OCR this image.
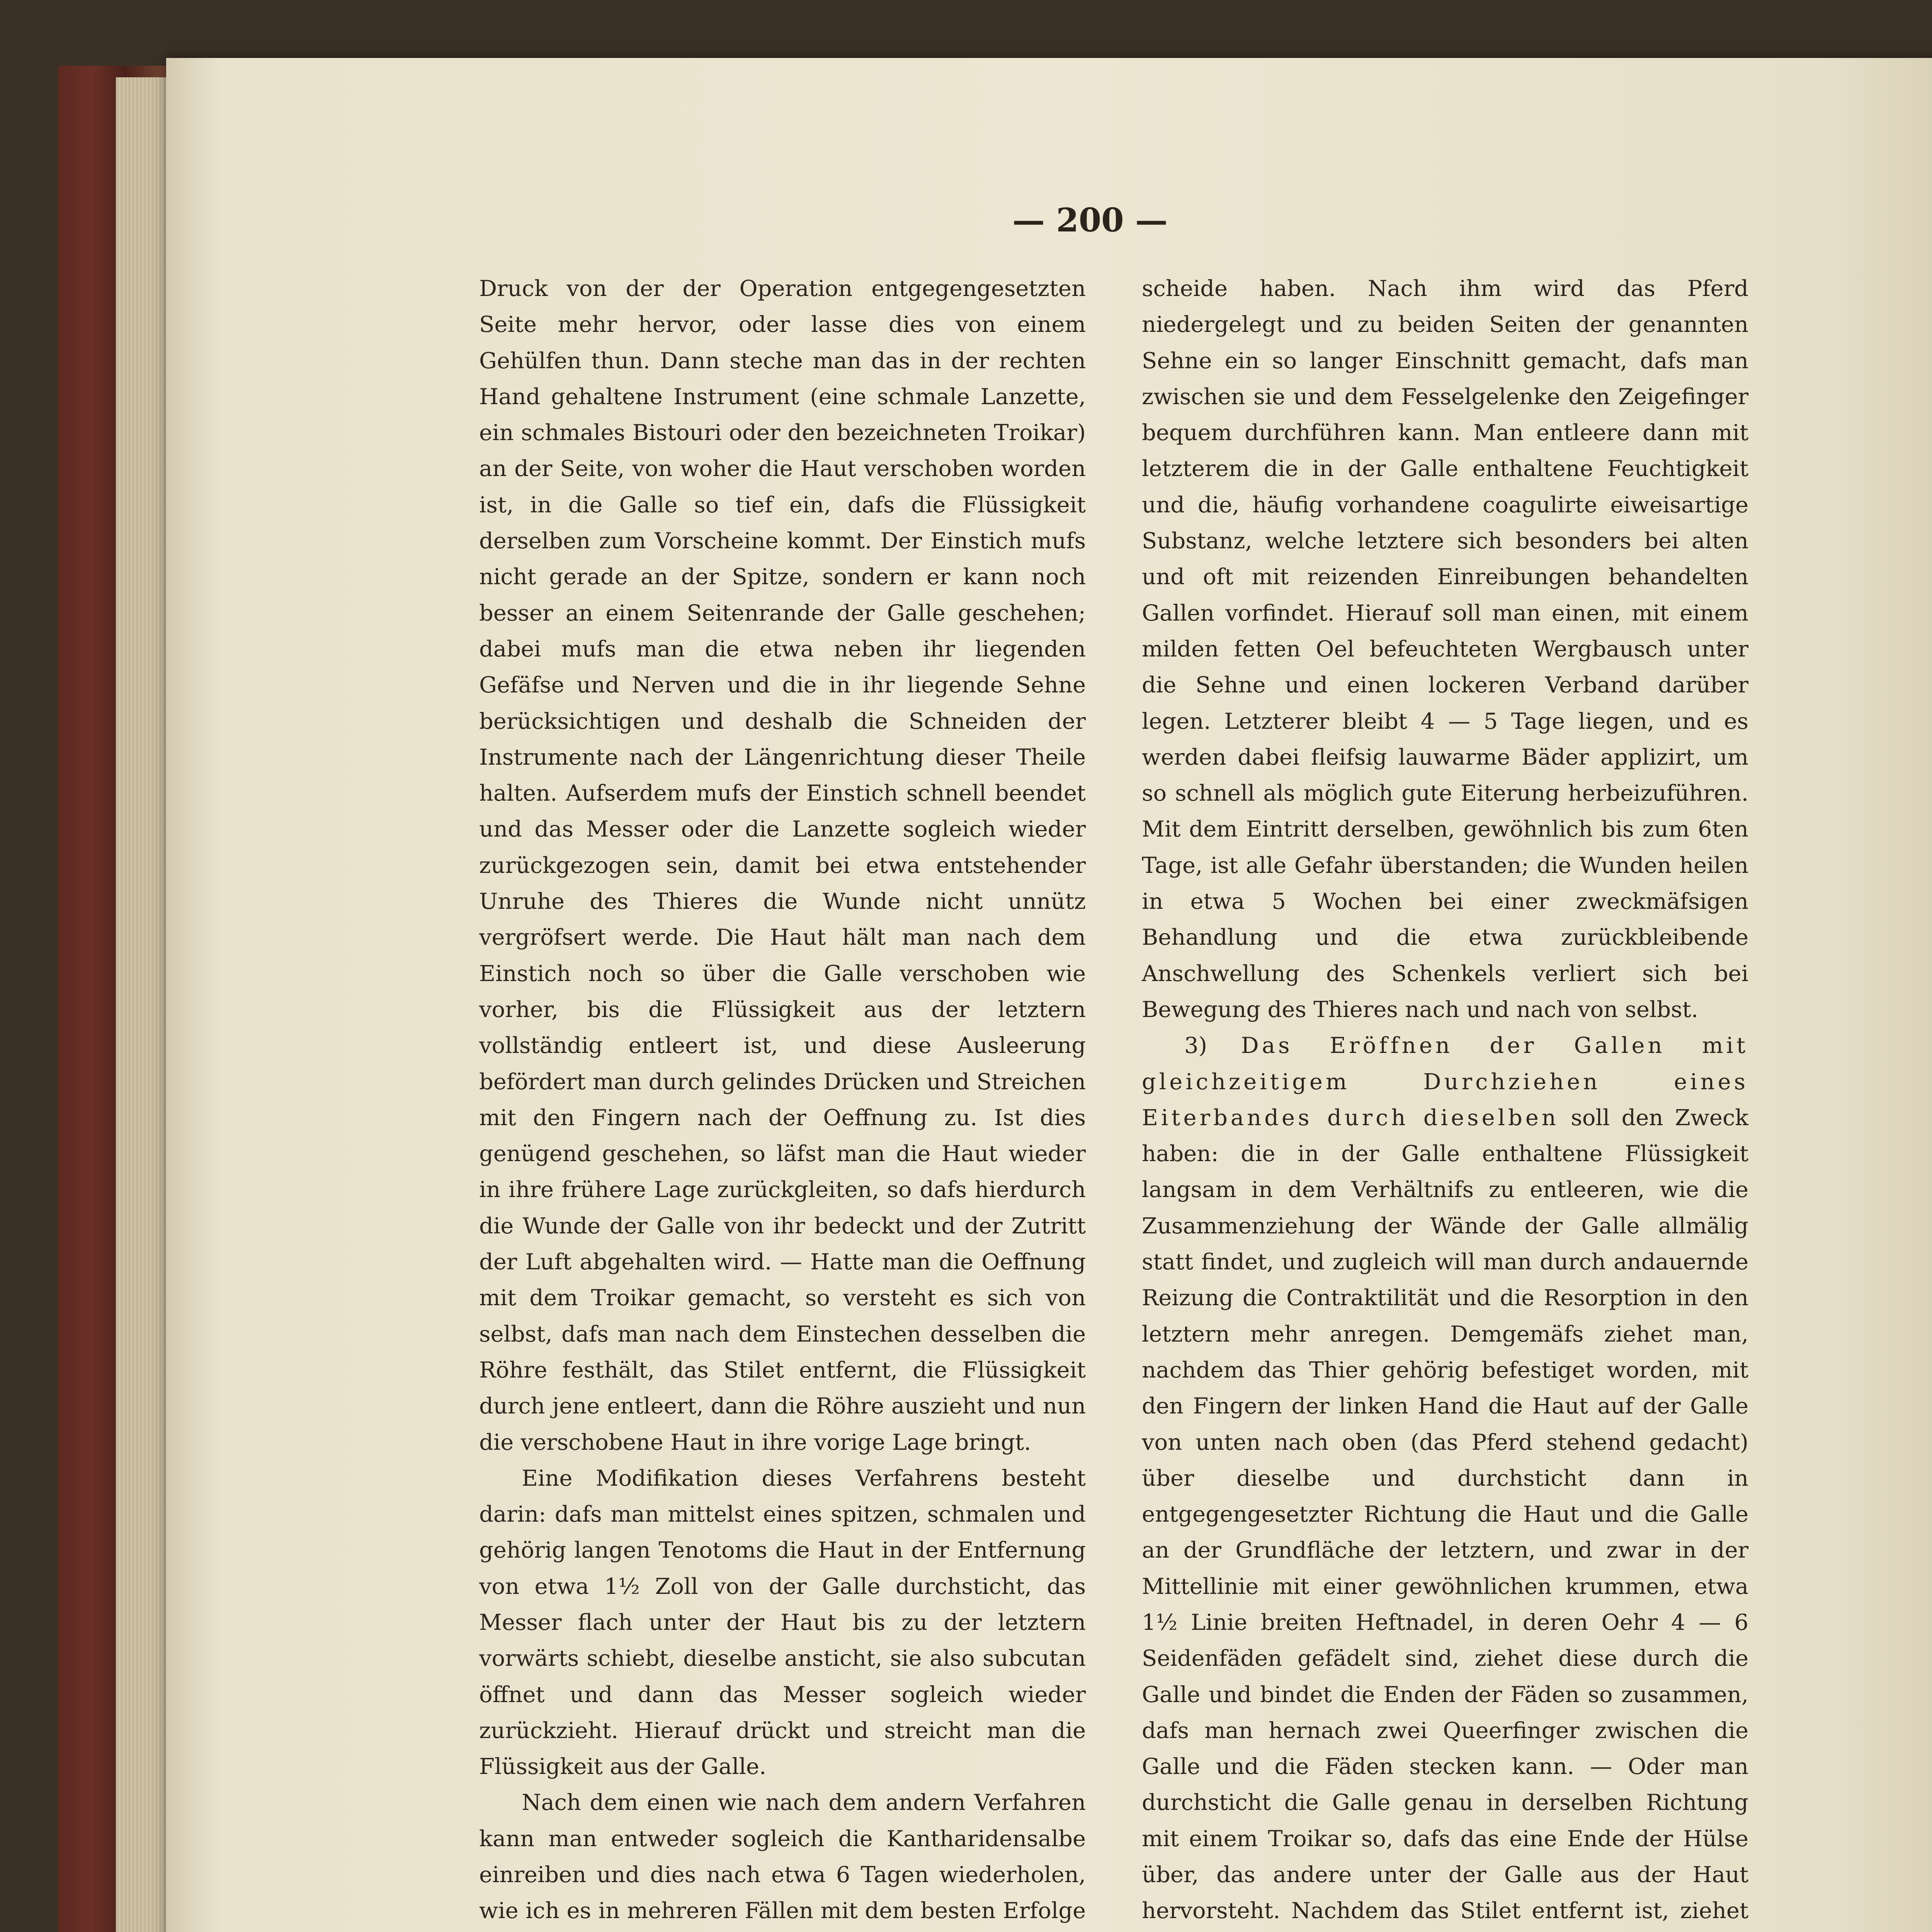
— 200 —

Druck von der der Operation entgegengesetzten Seite mehr hervor, oder lasse dies von einem Gehülfen thun. Dann steche man das in der rechten Hand gehaltene Instrument (eine schmale Lanzette, ein schmales Bistouri oder den bezeichneten Troikar) an der Seite, von woher die Haut verschoben worden ist, in die Galle so tief ein, dafs die Flüssigkeit derselben zum Vorscheine kommt. Der Einstich mufs nicht gerade an der Spitze, sondern er kann noch besser an einem Seitenrande der Galle geschehen; dabei mufs man die etwa neben ihr liegenden Gefäfse und Nerven und die in ihr liegende Sehne berücksichtigen und deshalb die Schneiden der Instrumente nach der Längenrichtung dieser Theile halten. Aufserdem mufs der Einstich schnell beendet und das Messer oder die Lanzette sogleich wieder zurückgezogen sein, damit bei etwa entstehender Unruhe des Thieres die Wunde nicht unnütz vergröfsert werde. Die Haut hält man nach dem Einstich noch so über die Galle verschoben wie vorher, bis die Flüssigkeit aus der letztern vollständig entleert ist, und diese Ausleerung befördert man durch gelindes Drücken und Streichen mit den Fingern nach der Oeffnung zu. Ist dies genügend geschehen, so läfst man die Haut wieder in ihre frühere Lage zurückgleiten, so dafs hierdurch die Wunde der Galle von ihr bedeckt und der Zutritt der Luft abgehalten wird. — Hatte man die Oeffnung mit dem Troikar gemacht, so versteht es sich von selbst, dafs man nach dem Einstechen desselben die Röhre festhält, das Stilet entfernt, die Flüssigkeit durch jene entleert, dann die Röhre auszieht und nun die verschobene Haut in ihre vorige Lage bringt.

Eine Modifikation dieses Verfahrens besteht darin: dafs man mittelst eines spitzen, schmalen und gehörig langen Tenotoms die Haut in der Entfernung von etwa 1½ Zoll von der Galle durchsticht, das Messer flach unter der Haut bis zu der letztern vorwärts schiebt, dieselbe ansticht, sie also subcutan öffnet und dann das Messer sogleich wieder zurückzieht. Hierauf drückt und streicht man die Flüssigkeit aus der Galle.

Nach dem einen wie nach dem andern Verfahren kann man entweder sogleich die Kantharidensalbe einreiben und dies nach etwa 6 Tagen wiederholen, wie ich es in mehreren Fällen mit dem besten Erfolge

scheide haben. Nach ihm wird das Pferd niedergelegt und zu beiden Seiten der genannten Sehne ein so langer Einschnitt gemacht, dafs man zwischen sie und dem Fesselgelenke den Zeigefinger bequem durchführen kann. Man entleere dann mit letzterem die in der Galle enthaltene Feuchtigkeit und die, häufig vorhandene coagulirte eiweisartige Substanz, welche letztere sich besonders bei alten und oft mit reizenden Einreibungen behandelten Gallen vorfindet. Hierauf soll man einen, mit einem milden fetten Oel befeuchteten Wergbausch unter die Sehne und einen lockeren Verband darüber legen. Letzterer bleibt 4 — 5 Tage liegen, und es werden dabei fleifsig lauwarme Bäder applizirt, um so schnell als möglich gute Eiterung herbeizuführen. Mit dem Eintritt derselben, gewöhnlich bis zum 6ten Tage, ist alle Gefahr überstanden; die Wunden heilen in etwa 5 Wochen bei einer zweckmäfsigen Behandlung und die etwa zurückbleibende Anschwellung des Schenkels verliert sich bei Bewegung des Thieres nach und nach von selbst.

3) Das Eröffnen der Gallen mit gleichzeitigem Durchziehen eines Eiterbandes durch dieselben soll den Zweck haben: die in der Galle enthaltene Flüssigkeit langsam in dem Verhältnifs zu entleeren, wie die Zusammenziehung der Wände der Galle allmälig statt findet, und zugleich will man durch andauernde Reizung die Contraktilität und die Resorption in den letztern mehr anregen. Demgemäfs ziehet man, nachdem das Thier gehörig befestiget worden, mit den Fingern der linken Hand die Haut auf der Galle von unten nach oben (das Pferd stehend gedacht) über dieselbe und durchsticht dann in entgegengesetzter Richtung die Haut und die Galle an der Grundfläche der letztern, und zwar in der Mittellinie mit einer gewöhnlichen krummen, etwa 1½ Linie breiten Heftnadel, in deren Oehr 4 — 6 Seidenfäden gefädelt sind, ziehet diese durch die Galle und bindet die Enden der Fäden so zusammen, dafs man hernach zwei Queerfinger zwischen die Galle und die Fäden stecken kann. — Oder man durchsticht die Galle genau in derselben Richtung mit einem Troikar so, dafs das eine Ende der Hülse über, das andere unter der Galle aus der Haut hervorsteht. Nachdem das Stilet entfernt ist, ziehet
